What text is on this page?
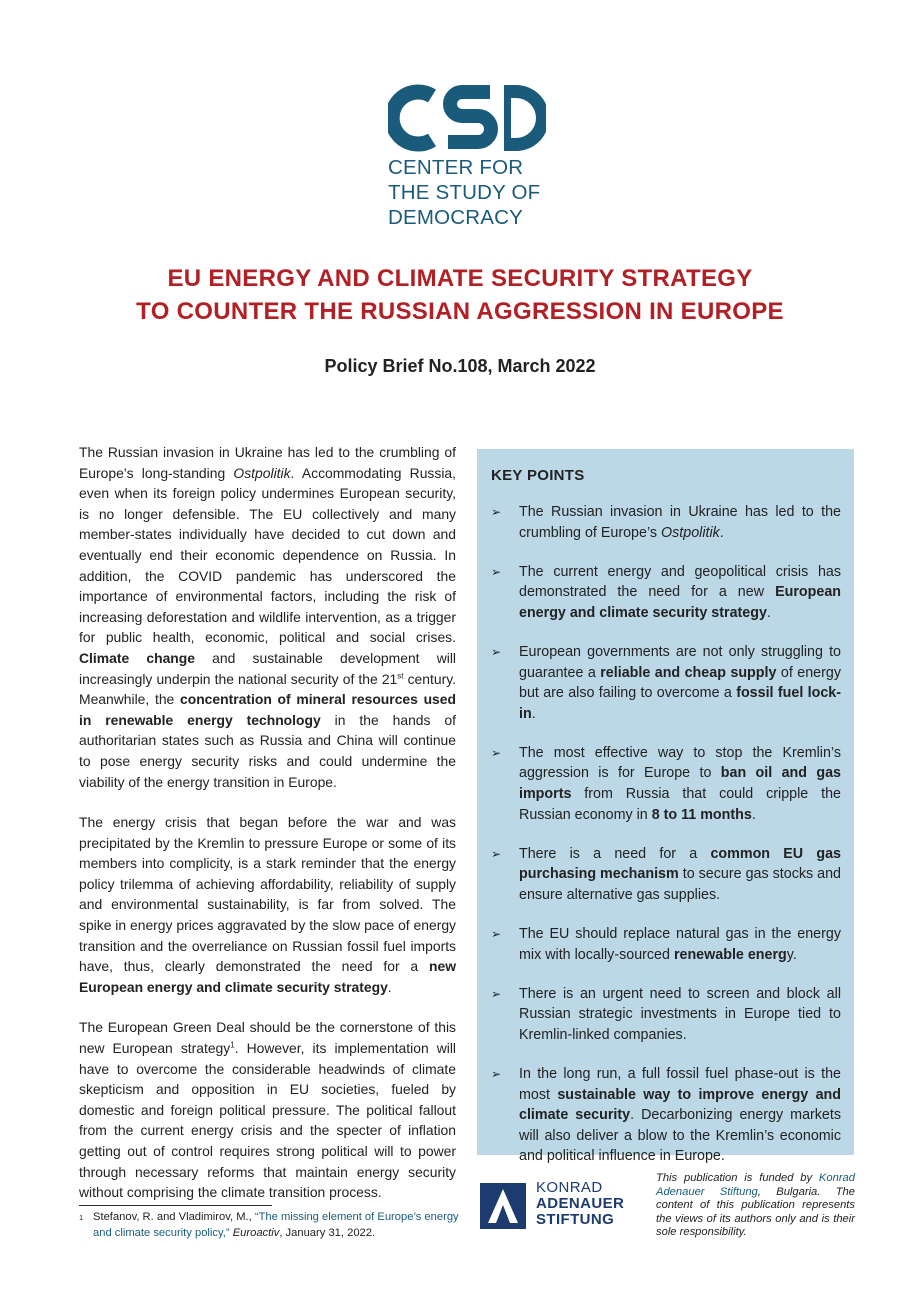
CENTER FOR
THE STUDY OF
DEMOCRACY
EU ENERGY AND CLIMATE SECURITY STRATEGY
TO COUNTER THE RUSSIAN AGGRESSION IN EUROPE
Policy Brief No.108, March 2022

The Russian invasion in Ukraine has led to the crumbling of Europe’s long-standing Ostpolitik. Accommodating Russia, even when its foreign policy undermines European security, is no longer defensible. The EU collectively and many member-states individually have decided to cut down and eventually end their economic dependence on Russia. In addition, the COVID pandemic has underscored the importance of environmental factors, including the risk of increasing deforestation and wildlife intervention, as a trigger for public health, economic, political and social crises. Climate change and sustainable development will increasingly underpin the national security of the 21st century. Meanwhile, the concentration of mineral resources used in renewable energy technology in the hands of authoritarian states such as Russia and China will continue to pose energy security risks and could undermine the viability of the energy transition in Europe.

The energy crisis that began before the war and was precipitated by the Kremlin to pressure Europe or some of its members into complicity, is a stark reminder that the energy policy trilemma of achieving affordability, reliability of supply and environmental sustainability, is far from solved. The spike in energy prices aggravated by the slow pace of energy transition and the overreliance on Russian fossil fuel imports have, thus, clearly demonstrated the need for a new European energy and climate security strategy.

The European Green Deal should be the cornerstone of this new European strategy$^1$. However, its implementation will have to overcome the considerable headwinds of climate skepticism and opposition in EU societies, fueled by domestic and foreign political pressure. The political fallout from the current energy crisis and the specter of inflation getting out of control requires strong political will to power through necessary reforms that maintain energy security without comprising the climate transition process.

KEY POINTS
➢	The Russian invasion in Ukraine has led to the crumbling of Europe’s Ostpolitik.
➢	The current energy and geopolitical crisis has demonstrated the need for a new European energy and climate security strategy.
➢	European governments are not only struggling to guarantee a reliable and cheap supply of energy but are also failing to overcome a fossil fuel lock-in.
➢	The most effective way to stop the Kremlin’s aggression is for Europe to ban oil and gas imports from Russia that could cripple the Russian economy in 8 to 11 months.
➢	There is a need for a common EU gas purchasing mechanism to secure gas stocks and ensure alternative gas supplies.
➢	The EU should replace natural gas in the energy mix with locally-sourced renewable energy.
➢	There is an urgent need to screen and block all Russian strategic investments in Europe tied to Kremlin-linked companies.
➢	In the long run, a full fossil fuel phase-out is the most sustainable way to improve energy and climate security. Decarbonizing energy markets will also deliver a blow to the Kremlin’s economic and political influence in Europe.
1 Stefanov, R. and Vladimirov, M., “The missing element of Europe’s energy and climate security policy,” Euroactiv, January 31, 2022.
KONRAD
ADENAUER
STIFTUNG
This publication is funded by Konrad Adenauer Stiftung, Bulgaria. The content of this publication represents the views of its authors only and is their sole responsibility.
